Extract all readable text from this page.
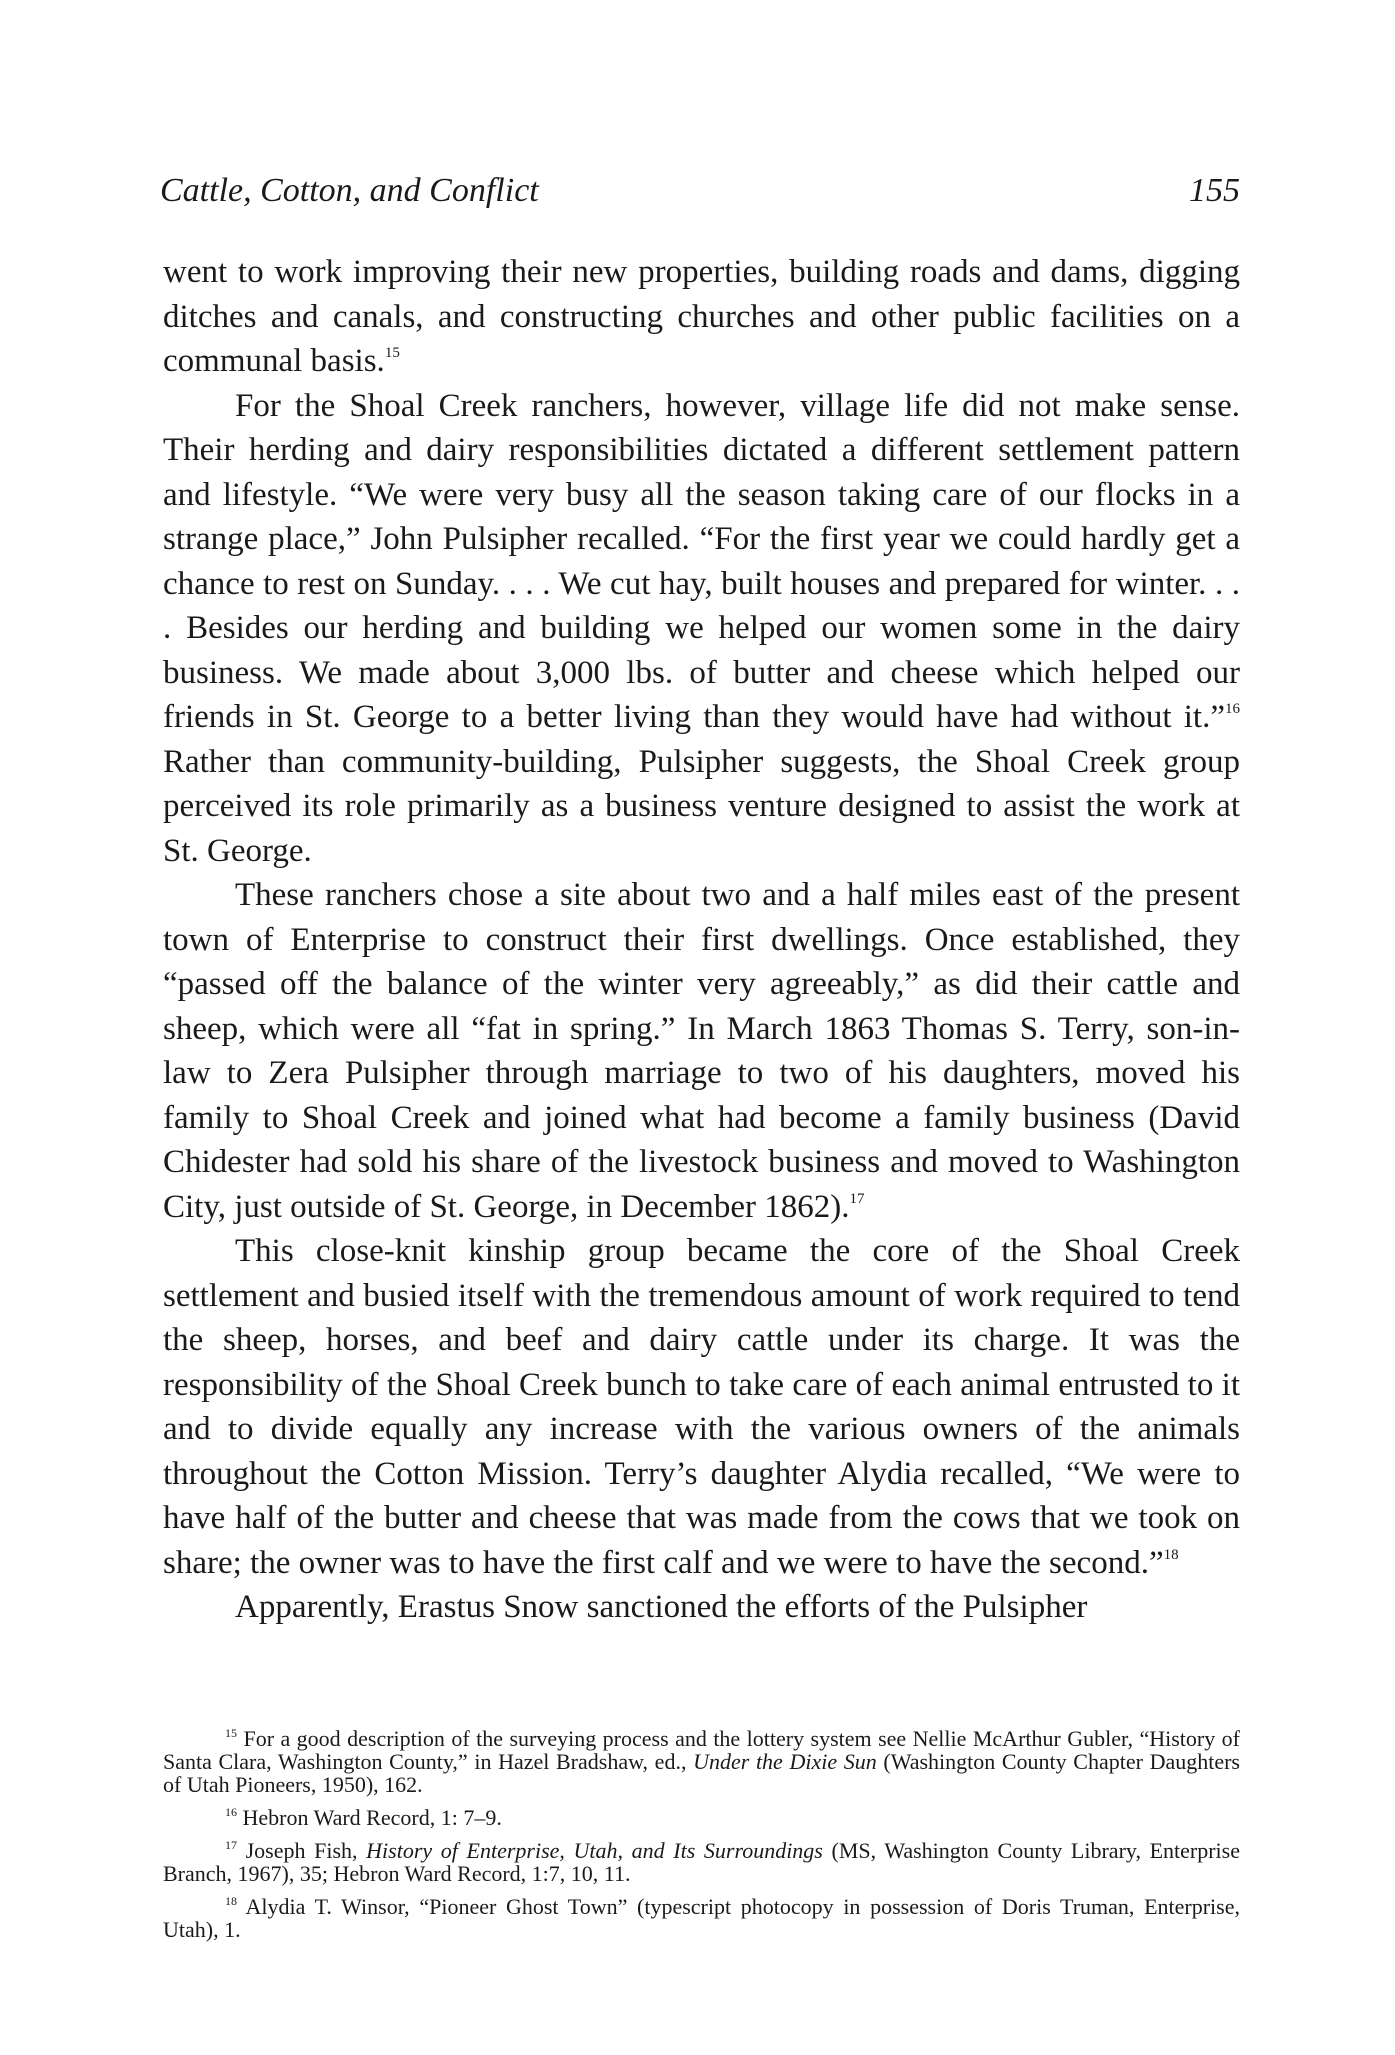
Cattle, Cotton, and Conflict	155

went to work improving their new properties, building roads and dams, digging ditches and canals, and constructing churches and other public facilities on a communal basis.$^{15}$

For the Shoal Creek ranchers, however, village life did not make sense. Their herding and dairy responsibilities dictated a different settlement pattern and lifestyle. “We were very busy all the season taking care of our flocks in a strange place,” John Pulsipher recalled. “For the first year we could hardly get a chance to rest on Sunday. . . . We cut hay, built houses and prepared for winter. . . . Besides our herding and building we helped our women some in the dairy business. We made about 3,000 lbs. of butter and cheese which helped our friends in St. George to a better living than they would have had without it.”$^{16}$ Rather than community-building, Pulsipher suggests, the Shoal Creek group perceived its role primarily as a business venture designed to assist the work at St. George.

These ranchers chose a site about two and a half miles east of the present town of Enterprise to construct their first dwellings. Once established, they “passed off the balance of the winter very agreeably,” as did their cattle and sheep, which were all “fat in spring.” In March 1863 Thomas S. Terry, son-in-law to Zera Pulsipher through marriage to two of his daughters, moved his family to Shoal Creek and joined what had become a family business (David Chidester had sold his share of the livestock business and moved to Washington City, just outside of St. George, in December 1862).$^{17}$

This close-knit kinship group became the core of the Shoal Creek settlement and busied itself with the tremendous amount of work required to tend the sheep, horses, and beef and dairy cattle under its charge. It was the responsibility of the Shoal Creek bunch to take care of each animal entrusted to it and to divide equally any increase with the various owners of the animals throughout the Cotton Mission. Terry’s daughter Alydia recalled, “We were to have half of the butter and cheese that was made from the cows that we took on share; the owner was to have the first calf and we were to have the second.”$^{18}$

Apparently, Erastus Snow sanctioned the efforts of the Pulsipher

$^{15}$ For a good description of the surveying process and the lottery system see Nellie McArthur Gubler, “History of Santa Clara, Washington County,” in Hazel Bradshaw, ed., Under the Dixie Sun (Washington County Chapter Daughters of Utah Pioneers, 1950), 162.

$^{16}$ Hebron Ward Record, 1: 7–9.

$^{17}$ Joseph Fish, History of Enterprise, Utah, and Its Surroundings (MS, Washington County Library, Enterprise Branch, 1967), 35; Hebron Ward Record, 1:7, 10, 11.

$^{18}$ Alydia T. Winsor, “Pioneer Ghost Town” (typescript photocopy in possession of Doris Truman, Enterprise, Utah), 1.
